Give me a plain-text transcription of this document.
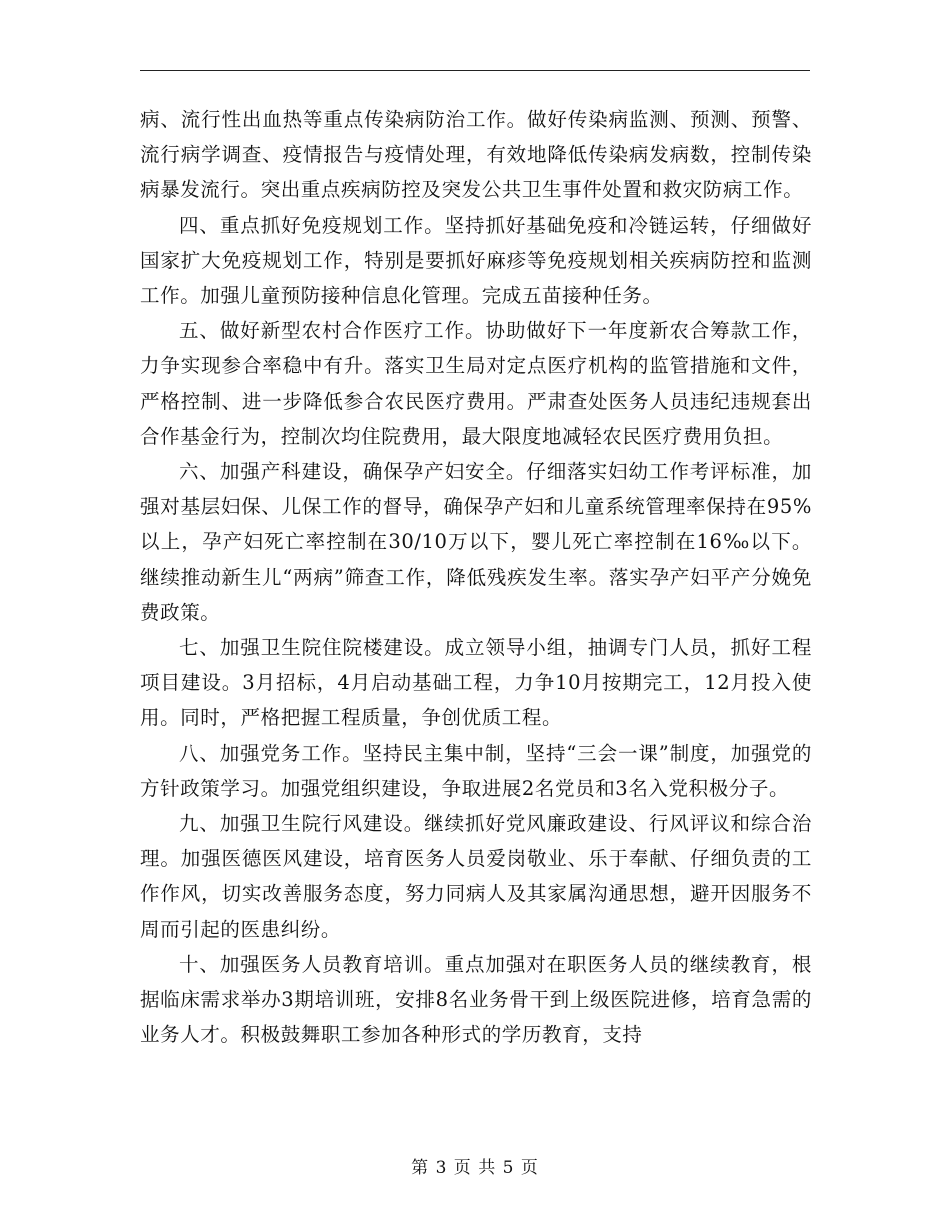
病、流行性出血热等重点传染病防治工作。做好传染病监测、预测、预警、流行病学调查、疫情报告与疫情处理，有效地降低传染病发病数，控制传染病暴发流行。突出重点疾病防控及突发公共卫生事件处置和救灾防病工作。

四、重点抓好免疫规划工作。坚持抓好基础免疫和冷链运转，仔细做好国家扩大免疫规划工作，特别是要抓好麻疹等免疫规划相关疾病防控和监测工作。加强儿童预防接种信息化管理。完成五苗接种任务。

五、做好新型农村合作医疗工作。协助做好下一年度新农合筹款工作，力争实现参合率稳中有升。落实卫生局对定点医疗机构的监管措施和文件，严格控制、进一步降低参合农民医疗费用。严肃查处医务人员违纪违规套出合作基金行为，控制次均住院费用，最大限度地减轻农民医疗费用负担。

六、加强产科建设，确保孕产妇安全。仔细落实妇幼工作考评标准，加强对基层妇保、儿保工作的督导，确保孕产妇和儿童系统管理率保持在95%以上，孕产妇死亡率控制在30/10万以下，婴儿死亡率控制在16‰以下。继续推动新生儿“两病”筛查工作，降低残疾发生率。落实孕产妇平产分娩免费政策。

七、加强卫生院住院楼建设。成立领导小组，抽调专门人员，抓好工程项目建设。3月招标，4月启动基础工程，力争10月按期完工，12月投入使用。同时，严格把握工程质量，争创优质工程。

八、加强党务工作。坚持民主集中制，坚持“三会一课”制度，加强党的方针政策学习。加强党组织建设，争取进展2名党员和3名入党积极分子。

九、加强卫生院行风建设。继续抓好党风廉政建设、行风评议和综合治理。加强医德医风建设，培育医务人员爱岗敬业、乐于奉献、仔细负责的工作作风，切实改善服务态度，努力同病人及其家属沟通思想，避开因服务不周而引起的医患纠纷。

十、加强医务人员教育培训。重点加强对在职医务人员的继续教育，根据临床需求举办3期培训班，安排8名业务骨干到上级医院进修，培育急需的业务人才。积极鼓舞职工参加各种形式的学历教育，支持

第 3 页 共 5 页
